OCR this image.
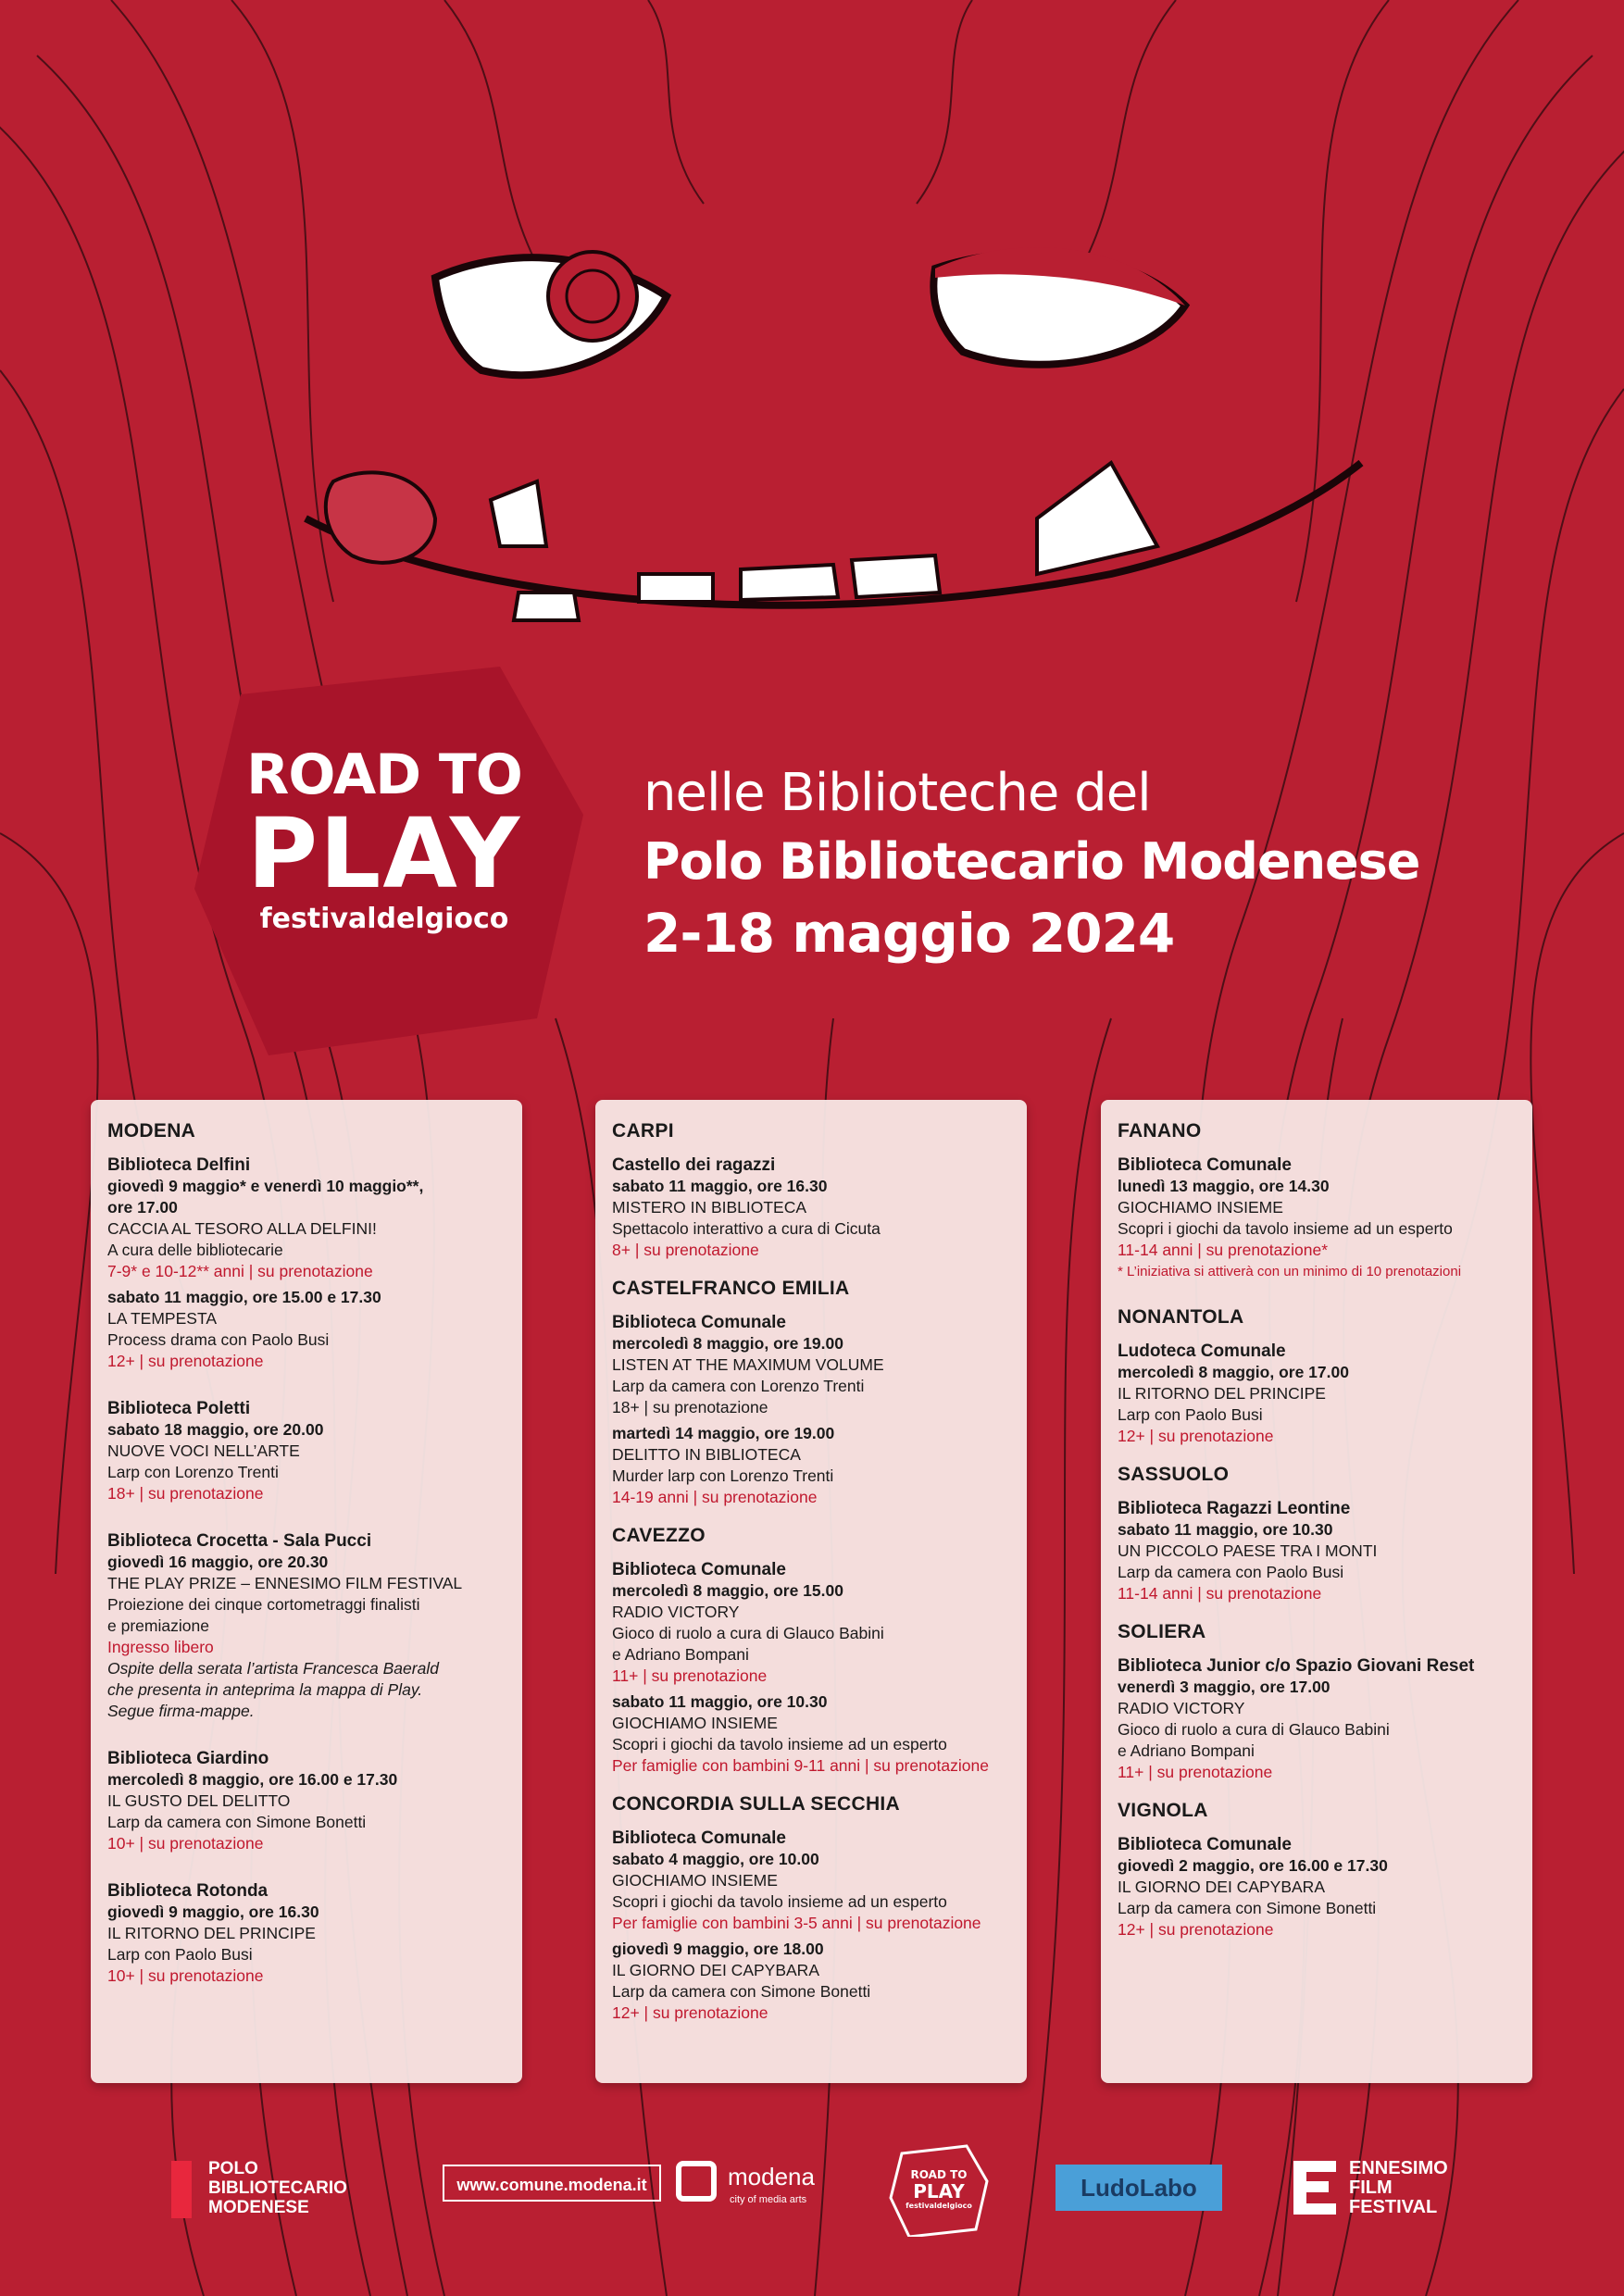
ROAD TO
PLAY
festivaldelgioco
nelle Biblioteche del
Polo Bibliotecario Modenese
2-18 maggio 2024
MODENA
Biblioteca Delfini
giovedì 9 maggio* e venerdì 10 maggio**,
ore 17.00
CACCIA AL TESORO ALLA DELFINI!
A cura delle bibliotecarie
7-9* e 10-12** anni | su prenotazione
sabato 11 maggio, ore 15.00 e 17.30
LA TEMPESTA
Process drama con Paolo Busi
12+ | su prenotazione
Biblioteca Poletti
sabato 18 maggio, ore 20.00
NUOVE VOCI NELL’ARTE
Larp con Lorenzo Trenti
18+ | su prenotazione
Biblioteca Crocetta - Sala Pucci
giovedì 16 maggio, ore 20.30
THE PLAY PRIZE – ENNESIMO FILM FESTIVAL
Proiezione dei cinque cortometraggi finalisti
e premiazione
Ingresso libero
Ospite della serata l’artista Francesca Baerald
che presenta in anteprima la mappa di Play.
Segue firma-mappe.
Biblioteca Giardino
mercoledì 8 maggio, ore 16.00 e 17.30
IL GUSTO DEL DELITTO
Larp da camera con Simone Bonetti
10+ | su prenotazione
Biblioteca Rotonda
giovedì 9 maggio, ore 16.30
IL RITORNO DEL PRINCIPE
Larp con Paolo Busi
10+ | su prenotazione
CARPI
Castello dei ragazzi
sabato 11 maggio, ore 16.30
MISTERO IN BIBLIOTECA
Spettacolo interattivo a cura di Cicuta
8+ | su prenotazione
CASTELFRANCO EMILIA
Biblioteca Comunale
mercoledì 8 maggio, ore 19.00
LISTEN AT THE MAXIMUM VOLUME
Larp da camera con Lorenzo Trenti
18+ | su prenotazione
martedì 14 maggio, ore 19.00
DELITTO IN BIBLIOTECA
Murder larp con Lorenzo Trenti
14-19 anni | su prenotazione
CAVEZZO
Biblioteca Comunale
mercoledì 8 maggio, ore 15.00
RADIO VICTORY
Gioco di ruolo a cura di Glauco Babini
e Adriano Bompani
11+ | su prenotazione
sabato 11 maggio, ore 10.30
GIOCHIAMO INSIEME
Scopri i giochi da tavolo insieme ad un esperto
Per famiglie con bambini 9-11 anni | su prenotazione
CONCORDIA SULLA SECCHIA
Biblioteca Comunale
sabato 4 maggio, ore 10.00
GIOCHIAMO INSIEME
Scopri i giochi da tavolo insieme ad un esperto
Per famiglie con bambini 3-5 anni | su prenotazione
giovedì 9 maggio, ore 18.00
IL GIORNO DEI CAPYBARA
Larp da camera con Simone Bonetti
12+ | su prenotazione
FANANO
Biblioteca Comunale
lunedì 13 maggio, ore 14.30
GIOCHIAMO INSIEME
Scopri i giochi da tavolo insieme ad un esperto
11-14 anni | su prenotazione*
* L’iniziativa si attiverà con un minimo di 10 prenotazioni
NONANTOLA
Ludoteca Comunale
mercoledì 8 maggio, ore 17.00
IL RITORNO DEL PRINCIPE
Larp con Paolo Busi
12+ | su prenotazione
SASSUOLO
Biblioteca Ragazzi Leontine
sabato 11 maggio, ore 10.30
UN PICCOLO PAESE TRA I MONTI
Larp da camera con Paolo Busi
11-14 anni | su prenotazione
SOLIERA
Biblioteca Junior c/o Spazio Giovani Reset
venerdì 3 maggio, ore 17.00
RADIO VICTORY
Gioco di ruolo a cura di Glauco Babini
e Adriano Bompani
11+ | su prenotazione
VIGNOLA
Biblioteca Comunale
giovedì 2 maggio, ore 16.00 e 17.30
IL GIORNO DEI CAPYBARA
Larp da camera con Simone Bonetti
12+ | su prenotazione
POLO
BIBLIOTECARIO
MODENESE
www.comune.modena.it	modena
city of media arts
ROAD TO
PLAY
festivaldelgioco
LudoLabo
ENNESIMO
FILM
FESTIVAL
